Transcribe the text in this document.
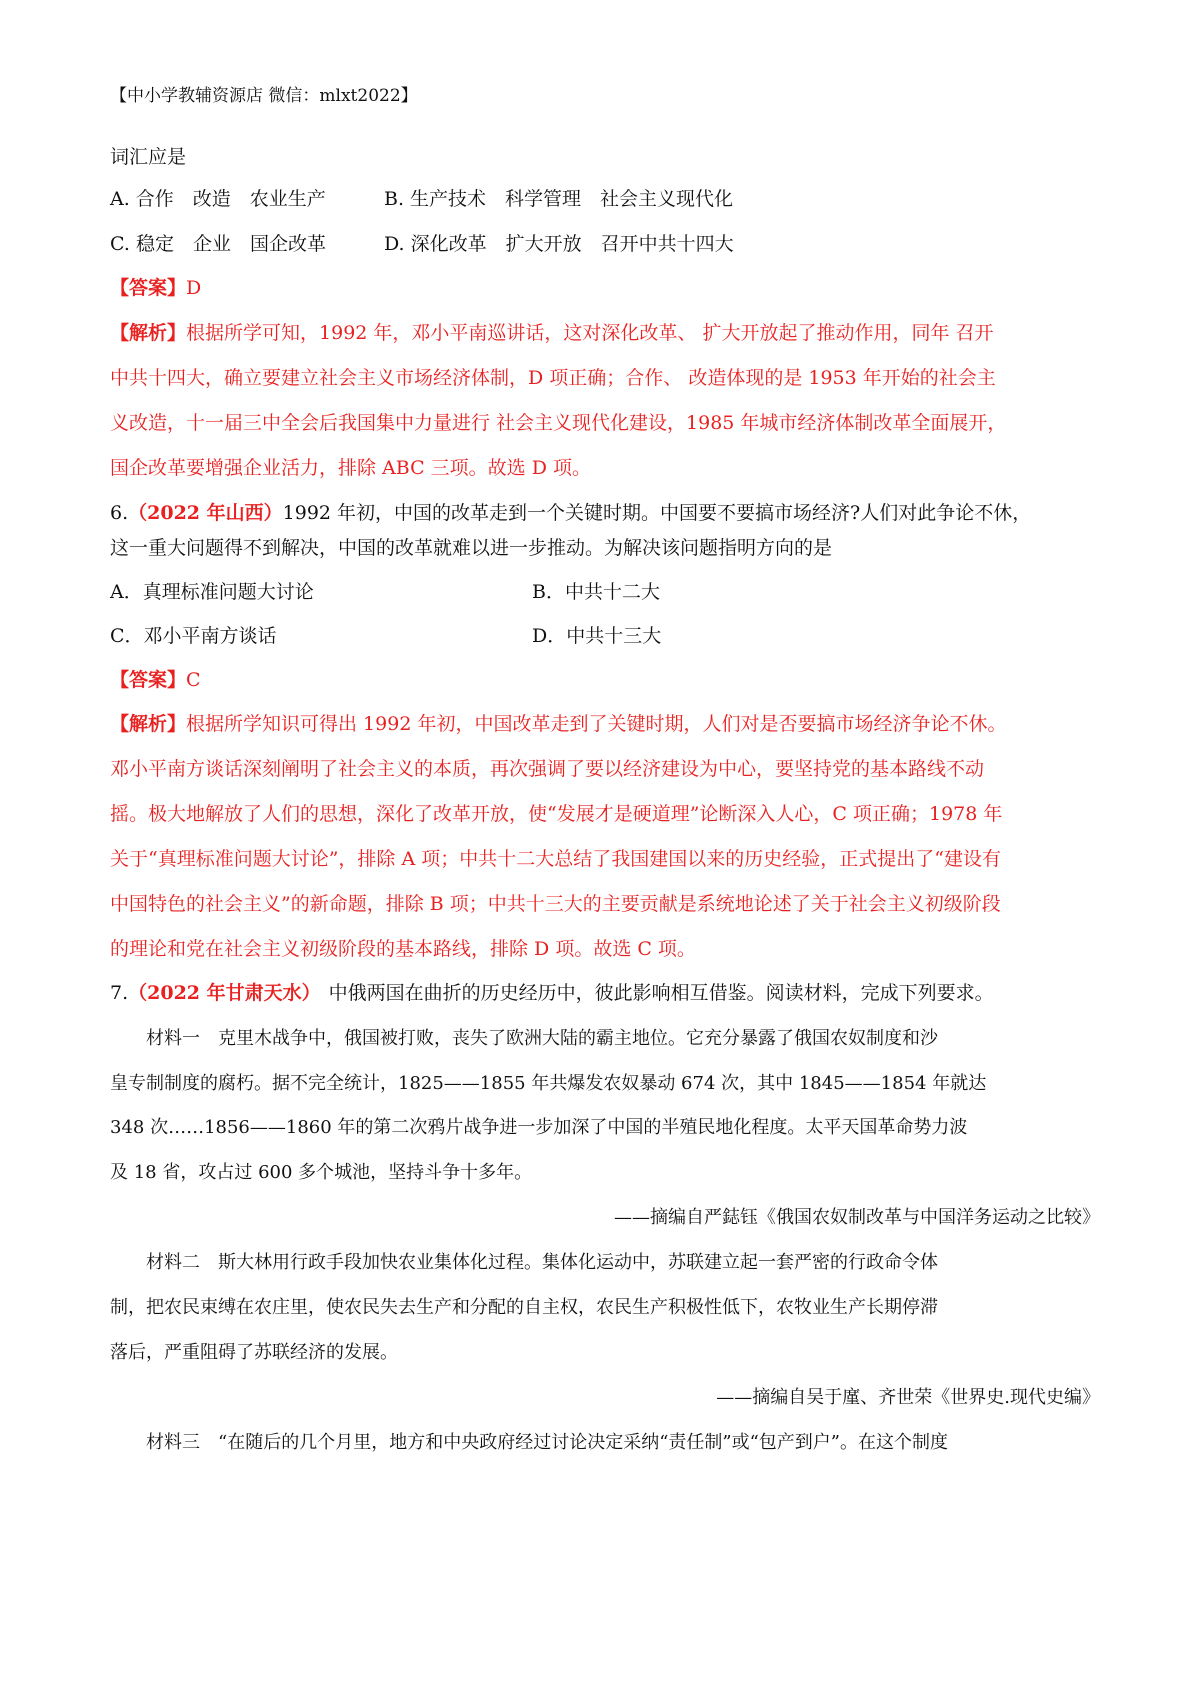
【中小学教辅资源店 微信：mlxt2022】
词汇应是
A. 合作　改造　农业生产	B. 生产技术　科学管理　社会主义现代化
C. 稳定　企业　国企改革	D. 深化改革　扩大开放　召开中共十四大
【答案】D
【解析】根据所学可知，1992 年，邓小平南巡讲话，这对深化改革、 扩大开放起了推动作用，同年 召开
中共十四大，确立要建立社会主义市场经济体制，D 项正确；合作、 改造体现的是 1953 年开始的社会主
义改造，十一届三中全会后我国集中力量进行 社会主义现代化建设，1985 年城市经济体制改革全面展开，
国企改革要增强企业活力，排除 ABC 三项。故选 D 项。
6.（2022 年山西）1992 年初，中国的改革走到一个关键时期。中国要不要搞市场经济?人们对此争论不休，
这一重大问题得不到解决，中国的改革就难以进一步推动。为解决该问题指明方向的是
A．真理标准问题大讨论	B．中共十二大
C．邓小平南方谈话	D．中共十三大
【答案】C
【解析】根据所学知识可得出 1992 年初，中国改革走到了关键时期，人们对是否要搞市场经济争论不休。
邓小平南方谈话深刻阐明了社会主义的本质，再次强调了要以经济建设为中心，要坚持党的基本路线不动
摇。极大地解放了人们的思想，深化了改革开放，使“发展才是硬道理”论断深入人心，C 项正确；1978 年
关于“真理标准问题大讨论”，排除 A 项；中共十二大总结了我国建国以来的历史经验，正式提出了“建设有
中国特色的社会主义”的新命题，排除 B 项；中共十三大的主要贡献是系统地论述了关于社会主义初级阶段
的理论和党在社会主义初级阶段的基本路线，排除 D 项。故选 C 项。
7.（2022 年甘肃天水） 中俄两国在曲折的历史经历中，彼此影响相互借鉴。阅读材料，完成下列要求。
材料一　克里木战争中，俄国被打败，丧失了欧洲大陆的霸主地位。它充分暴露了俄国农奴制度和沙
皇专制制度的腐朽。据不完全统计，1825——1855 年共爆发农奴暴动 674 次，其中 1845——1854 年就达
348 次……1856——1860 年的第二次鸦片战争进一步加深了中国的半殖民地化程度。太平天国革命势力波
及 18 省，攻占过 600 多个城池，坚持斗争十多年。
——摘编自严鋕钰《俄国农奴制改革与中国洋务运动之比较》
材料二　斯大林用行政手段加快农业集体化过程。集体化运动中，苏联建立起一套严密的行政命令体
制，把农民束缚在农庄里，使农民失去生产和分配的自主权，农民生产积极性低下，农牧业生产长期停滞
落后，严重阻碍了苏联经济的发展。
——摘编自吴于廑、齐世荣《世界史.现代史编》
材料三　“在随后的几个月里，地方和中央政府经过讨论决定采纳“责任制”或“包产到户”。在这个制度
